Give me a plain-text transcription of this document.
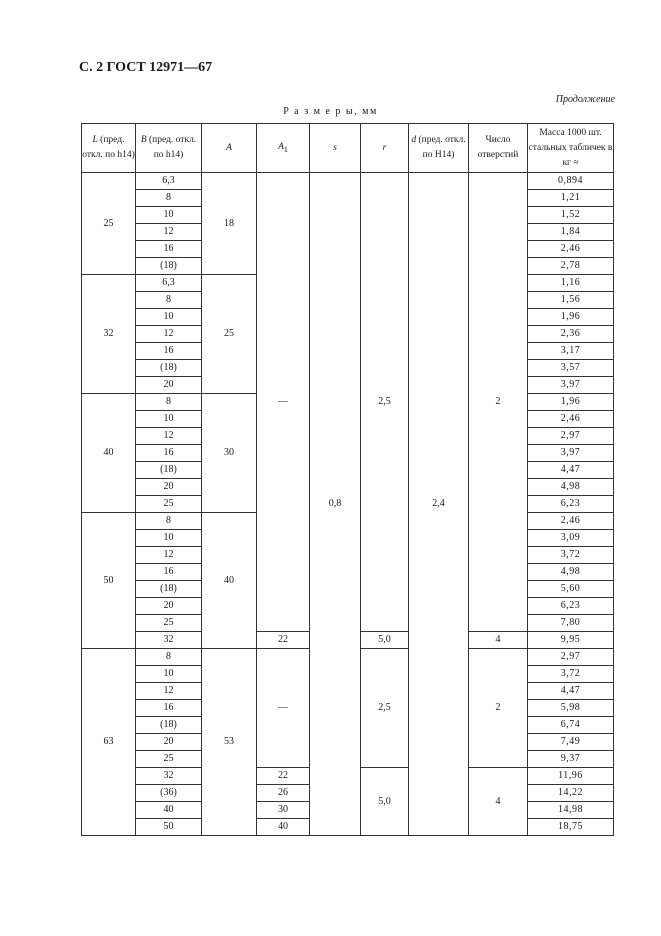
С. 2 ГОСТ 12971—67
Продолжение
Р а з м е р ы, мм
L (пред. откл. по h14)	B (пред. откл. по h14)	A	$A_1$	s	r	d (пред. откл. по H14)	Число отверстий	Масса 1000 шт. стальных табличек в кг ≈
25	6,3	18	—	0,8	2,5	2,4	2	0,894
	8							1,21
	10							1,52
	12							1,84
	16							2,46
	(18)							2,78
32	6,3	25						1,16
	8							1,56
	10							1,96
	12							2,36
	16							3,17
	(18)							3,57
	20							3,97
40	8	30						1,96
	10							2,46
	12							2,97
	16							3,97
	(18)							4,47
	20							4,98
	25							6,23
50	8	40						2,46
	10							3,09
	12							3,72
	16							4,98
	(18)							5,60
	20							6,23
	25							7,80
	32		22		5,0		4	9,95
63	8	53	—		2,5		2	2,97
	10							3,72
	12							4,47
	16							5,98
	(18)							6,74
	20							7,49
	25							9,37
	32		22		5,0		4	11,96
	(36)		26					14,22
	40		30					14,98
	50		40					18,75
